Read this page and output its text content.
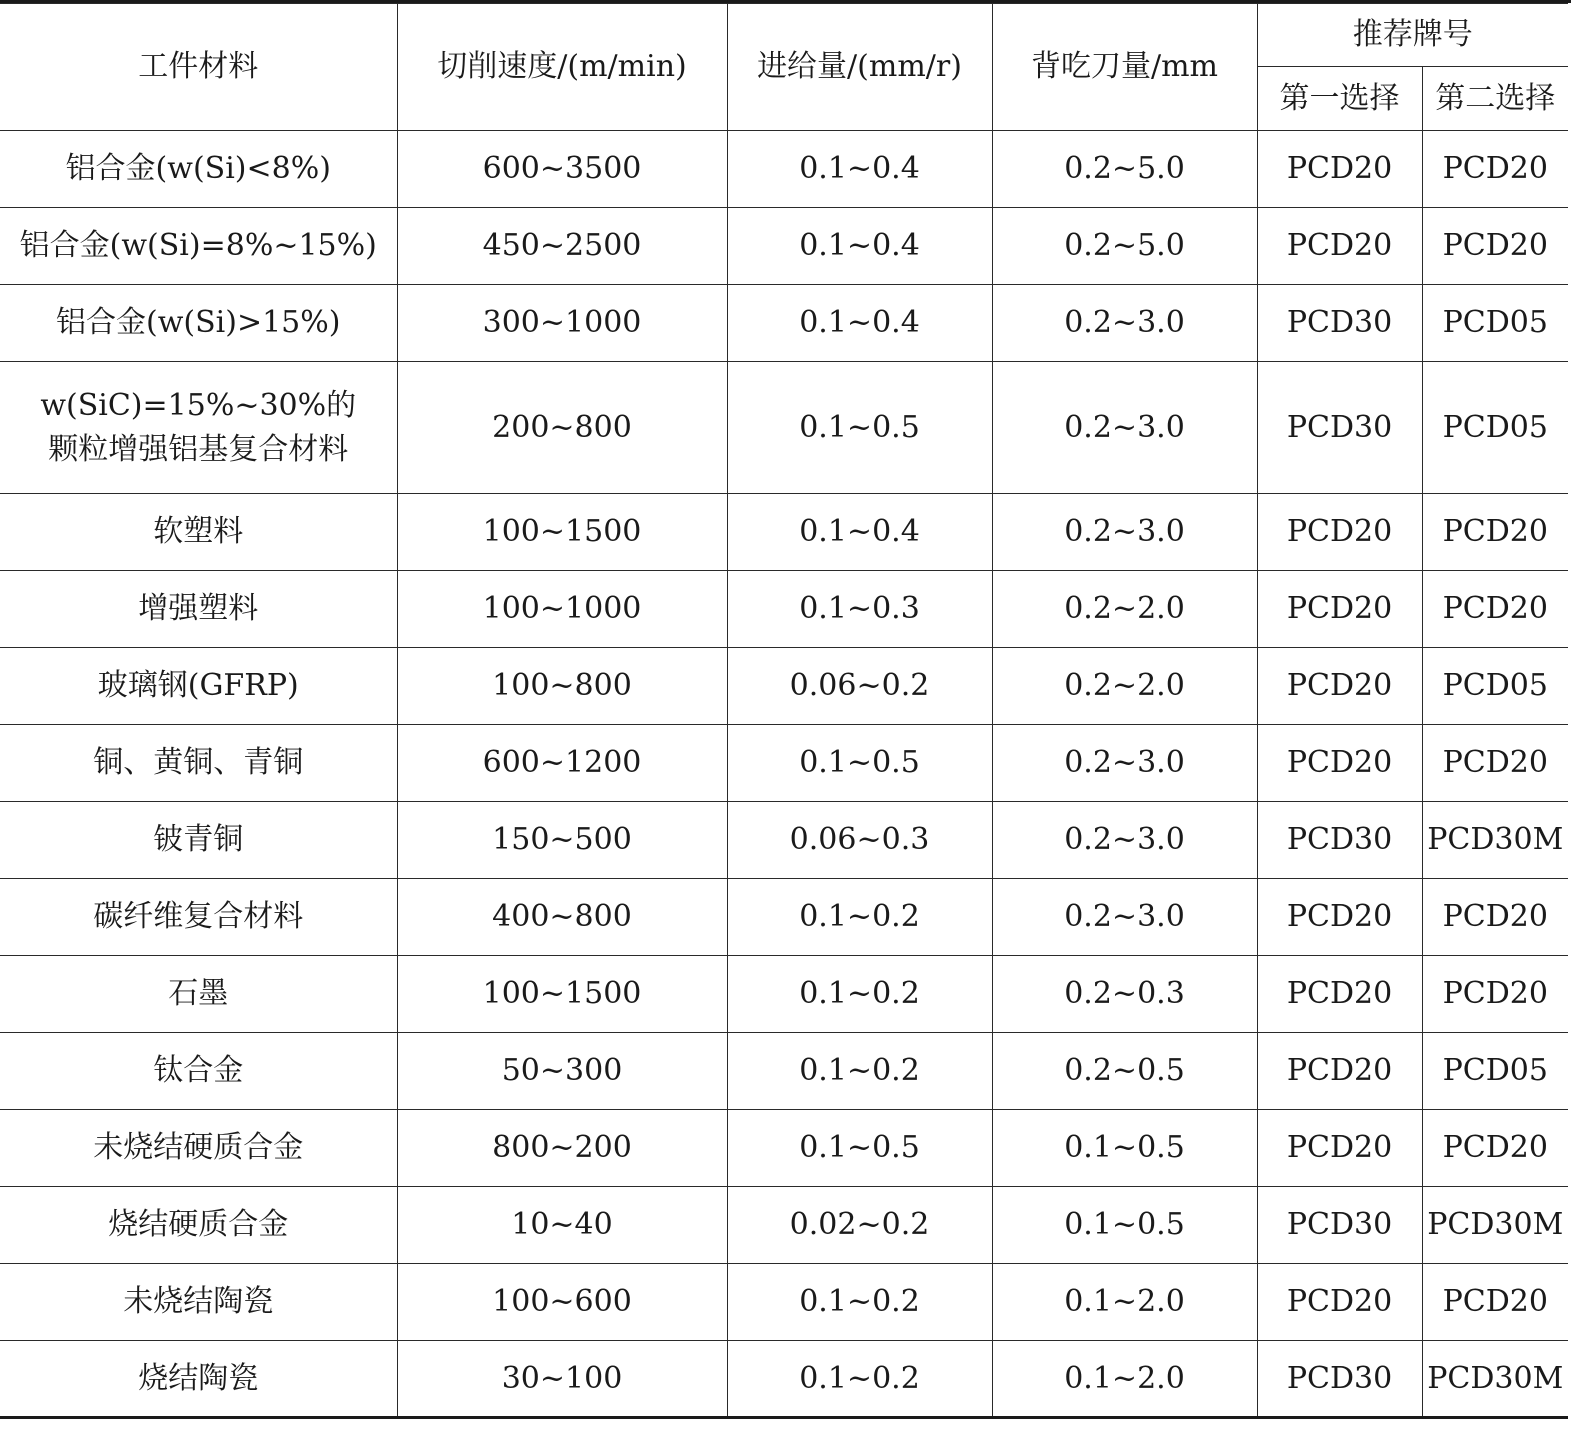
工件材料	切削速度/(m/min)	进给量/(mm/r)	背吃刀量/mm	推荐牌号	
				第一选择	第二选择
铝合金(w(Si)<8%)	600~3500	0.1~0.4	0.2~5.0	PCD20	PCD20
铝合金(w(Si)=8%~15%)	450~2500	0.1~0.4	0.2~5.0	PCD20	PCD20
铝合金(w(Si)>15%)	300~1000	0.1~0.4	0.2~3.0	PCD30	PCD05

w(SiC)=15%~30%的
颗粒增强铝基复合材料	200~800	0.1~0.5	0.2~3.0	PCD30	PCD05
软塑料	100~1500	0.1~0.4	0.2~3.0	PCD20	PCD20
增强塑料	100~1000	0.1~0.3	0.2~2.0	PCD20	PCD20
玻璃钢(GFRP)	100~800	0.06~0.2	0.2~2.0	PCD20	PCD05
铜、黄铜、青铜	600~1200	0.1~0.5	0.2~3.0	PCD20	PCD20
铍青铜	150~500	0.06~0.3	0.2~3.0	PCD30	PCD30M
碳纤维复合材料	400~800	0.1~0.2	0.2~3.0	PCD20	PCD20
石墨	100~1500	0.1~0.2	0.2~0.3	PCD20	PCD20
钛合金	50~300	0.1~0.2	0.2~0.5	PCD20	PCD05
未烧结硬质合金	800~200	0.1~0.5	0.1~0.5	PCD20	PCD20
烧结硬质合金	10~40	0.02~0.2	0.1~0.5	PCD30	PCD30M
未烧结陶瓷	100~600	0.1~0.2	0.1~2.0	PCD20	PCD20
烧结陶瓷	30~100	0.1~0.2	0.1~2.0	PCD30	PCD30M
